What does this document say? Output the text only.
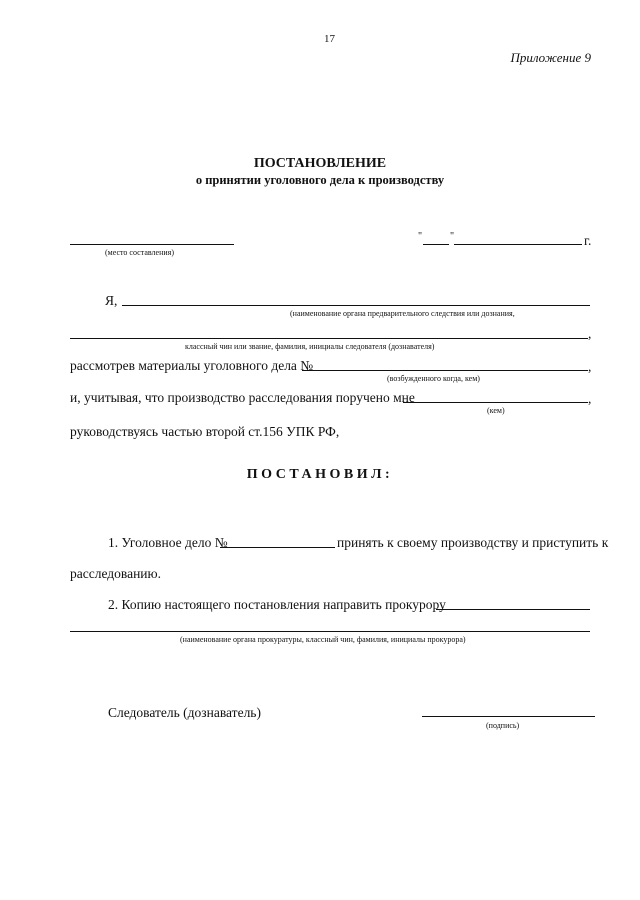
17
Приложение 9
ПОСТАНОВЛЕНИЕ
о принятии уголовного дела к производству
(место составления)
"	"	г.
Я,
(наименование органа предварительного следствия или дознания,
,
классный чин или звание, фамилия, инициалы следователя (дознавателя)
рассмотрев материалы уголовного дела №	,
(возбужденного когда, кем)
и, учитывая, что производство расследования поручено мне	,
(кем)
руководствуясь частью второй ст.156 УПК РФ,
ПОСТАНОВИЛ:
1. Уголовное дело №	принять к своему производству и приступить к
расследованию.
2. Копию настоящего постановления направить прокурору
(наименование органа прокуратуры, классный чин, фамилия, инициалы прокурора)
Следователь (дознаватель)
(подпись)
